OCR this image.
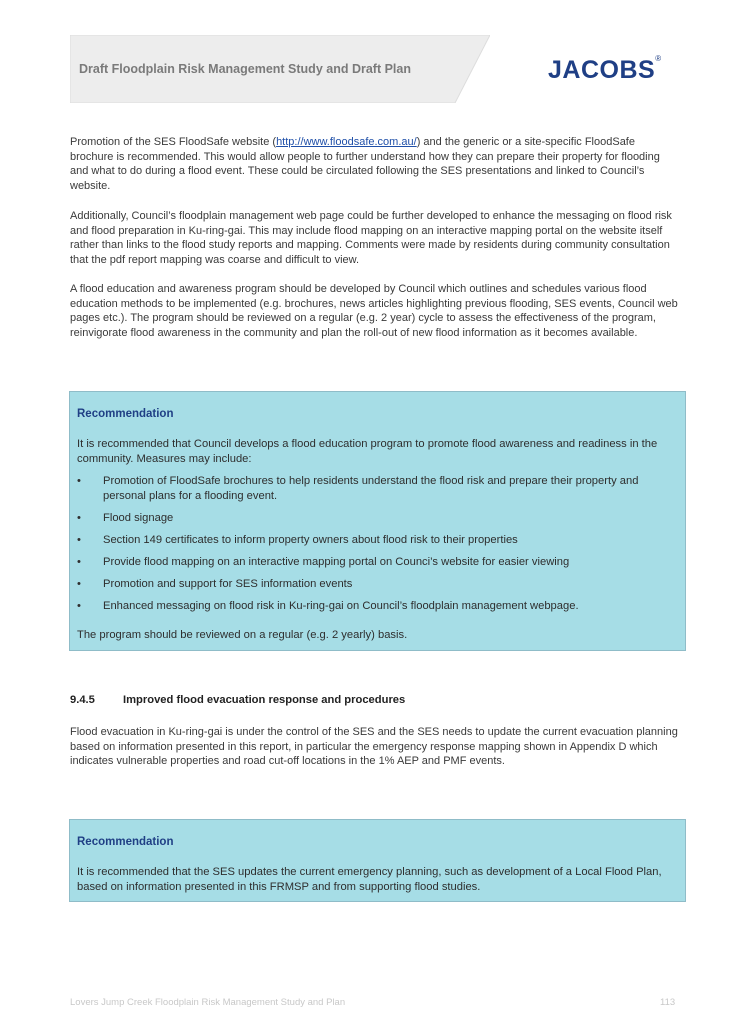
Draft Floodplain Risk Management Study and Draft Plan	JACOBS®
Promotion of the SES FloodSafe website (http://www.floodsafe.com.au/) and the generic or a site-specific FloodSafe brochure is recommended. This would allow people to further understand how they can prepare their property for flooding and what to do during a flood event. These could be circulated following the SES presentations and linked to Council’s website.
Additionally, Council’s floodplain management web page could be further developed to enhance the messaging on flood risk and flood preparation in Ku-ring-gai. This may include flood mapping on an interactive mapping portal on the website itself rather than links to the flood study reports and mapping. Comments were made by residents during community consultation that the pdf report mapping was coarse and difficult to view.
A flood education and awareness program should be developed by Council which outlines and schedules various flood education methods to be implemented (e.g. brochures, news articles highlighting previous flooding, SES events, Council web pages etc.). The program should be reviewed on a regular (e.g. 2 year) cycle to assess the effectiveness of the program, reinvigorate flood awareness in the community and plan the roll-out of new flood information as it becomes available.
Recommendation
It is recommended that Council develops a flood education program to promote flood awareness and readiness in the community. Measures may include:
• Promotion of FloodSafe brochures to help residents understand the flood risk and prepare their property and personal plans for a flooding event.
• Flood signage
• Section 149 certificates to inform property owners about flood risk to their properties
• Provide flood mapping on an interactive mapping portal on Counci’s website for easier viewing
• Promotion and support for SES information events
• Enhanced messaging on flood risk in Ku-ring-gai on Council’s floodplain management webpage.
The program should be reviewed on a regular (e.g. 2 yearly) basis.
9.4.5	Improved flood evacuation response and procedures
Flood evacuation in Ku-ring-gai is under the control of the SES and the SES needs to update the current evacuation planning based on information presented in this report, in particular the emergency response mapping shown in Appendix D which indicates vulnerable properties and road cut-off locations in the 1% AEP and PMF events.
Recommendation
It is recommended that the SES updates the current emergency planning, such as development of a Local Flood Plan, based on information presented in this FRMSP and from supporting flood studies.
Lovers Jump Creek Floodplain Risk Management Study and Plan	113
